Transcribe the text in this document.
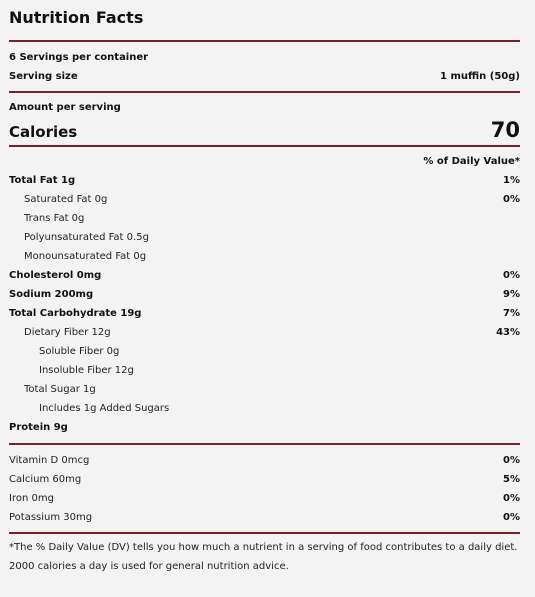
Nutrition Facts
6 Servings per container
Serving size	1 muffin (50g)
Amount per serving
Calories	70
% of Daily Value*
Total Fat 1g	1%
Saturated Fat 0g	0%
Trans Fat 0g
Polyunsaturated Fat 0.5g
Monounsaturated Fat 0g
Cholesterol 0mg	0%
Sodium 200mg	9%
Total Carbohydrate 19g	7%
Dietary Fiber 12g	43%
Soluble Fiber 0g
Insoluble Fiber 12g
Total Sugar 1g
Includes 1g Added Sugars
Protein 9g
Vitamin D 0mcg	0%
Calcium 60mg	5%
Iron 0mg	0%
Potassium 30mg	0%
*The % Daily Value (DV) tells you how much a nutrient in a serving of food contributes to a daily diet.
2000 calories a day is used for general nutrition advice.
